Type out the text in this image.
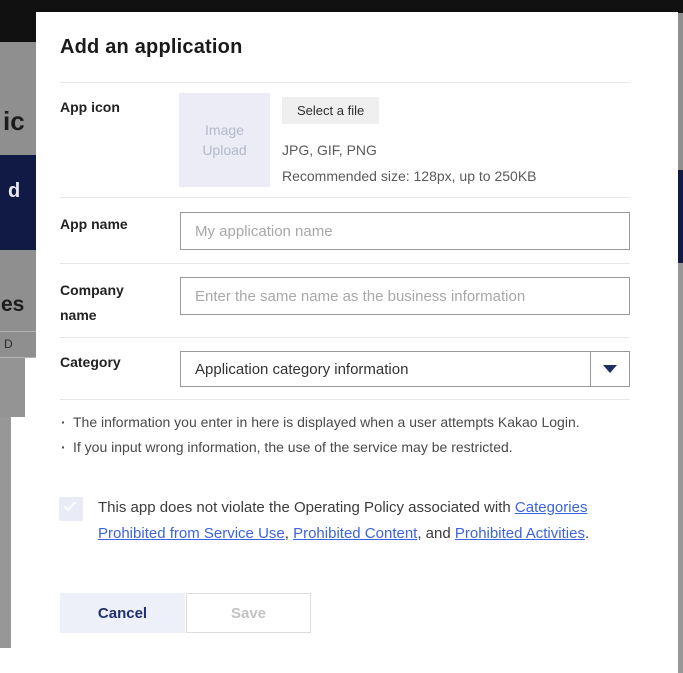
ic
d
es
D
Add an application
App icon
Image
Upload
Select a file
JPG, GIF, PNG
Recommended size: 128px, up to 250KB
App name
My application name
Company name
Enter the same name as the business information
Category	Application category information
· The information you enter in here is displayed when a user attempts Kakao Login.
· If you input wrong information, the use of the service may be restricted.
This app does not violate the Operating Policy associated with Categories Prohibited from Service Use, Prohibited Content, and Prohibited Activities.
Cancel	Save
